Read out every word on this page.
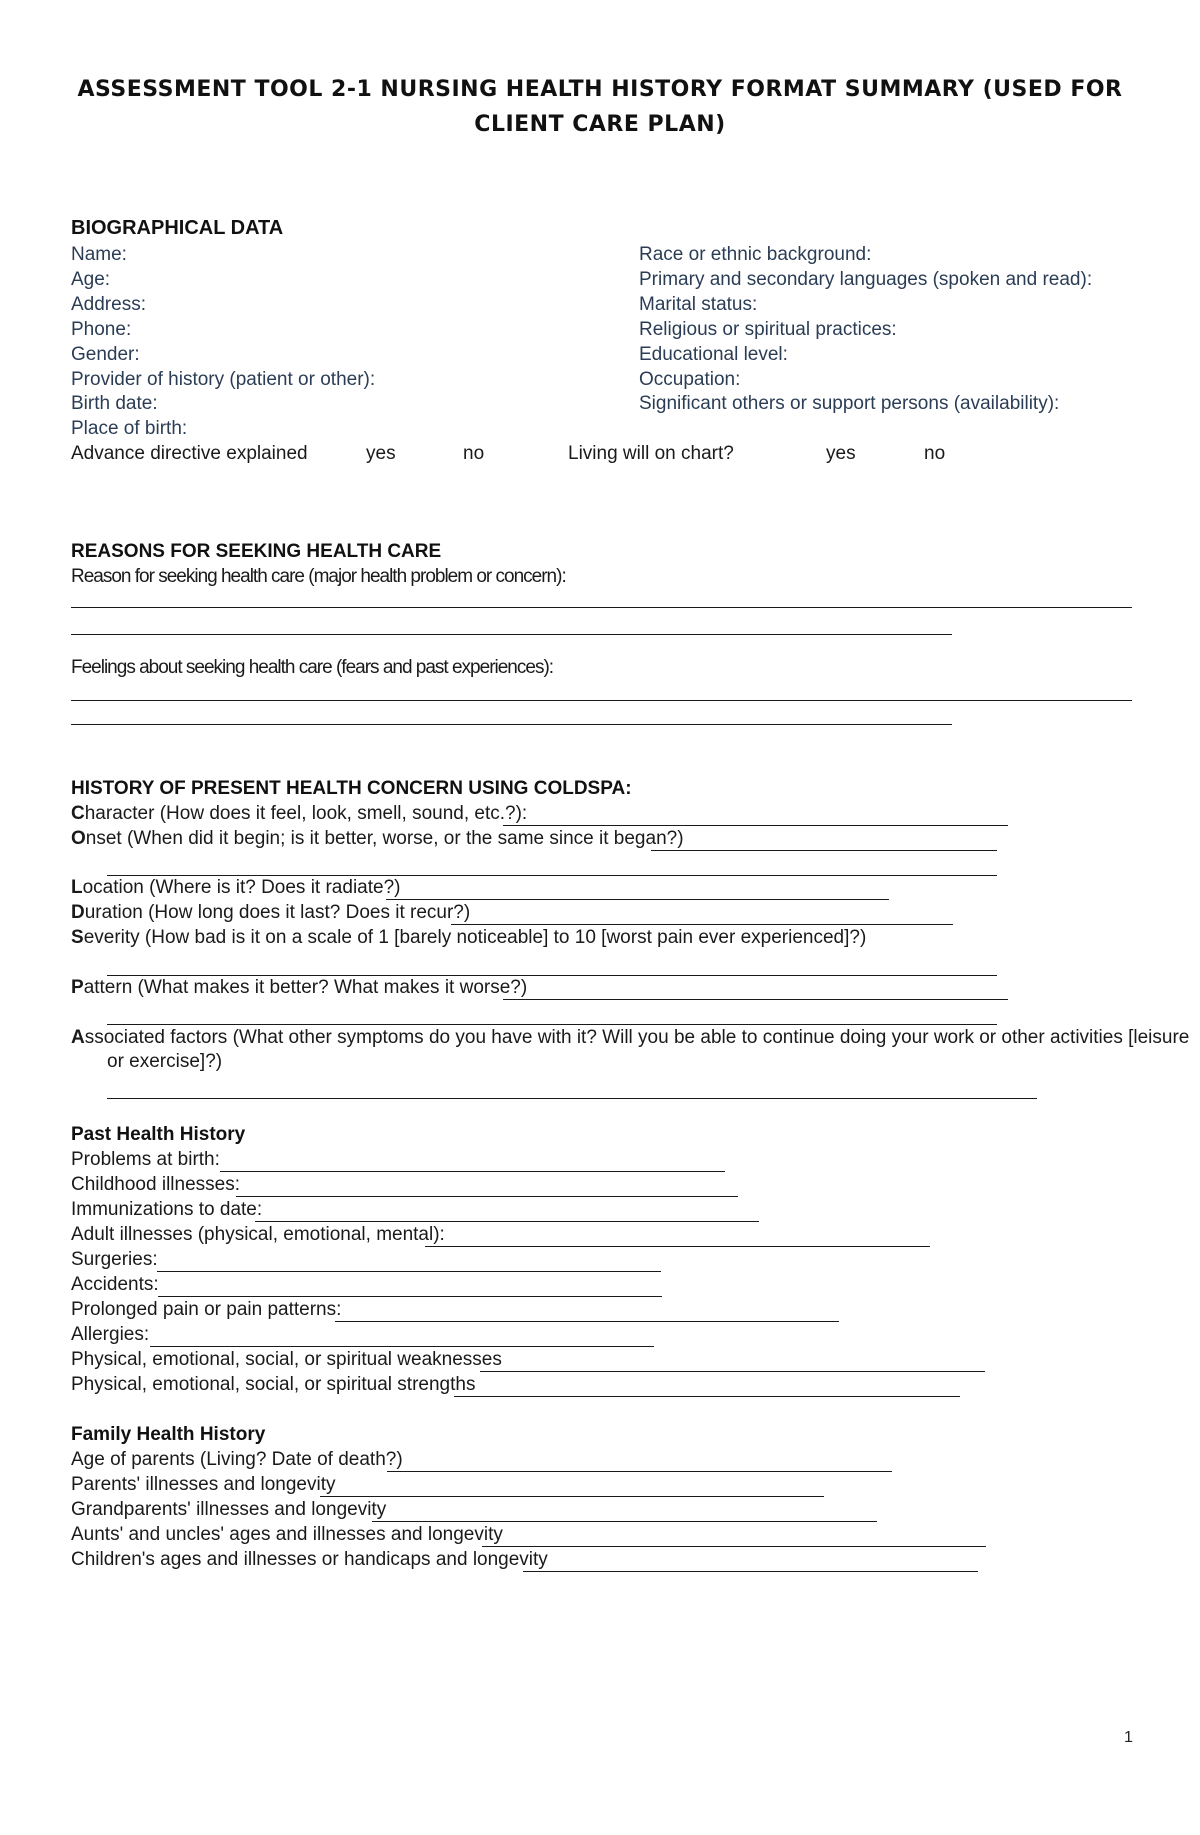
ASSESSMENT TOOL 2-1 NURSING HEALTH HISTORY FORMAT SUMMARY (USED FOR CLIENT CARE PLAN)
BIOGRAPHICAL DATA
Name:
Age:
Address:
Phone:
Gender:
Provider of history (patient or other):
Birth date:
Place of birth:
Race or ethnic background:
Primary and secondary languages (spoken and read):
Marital status:
Religious or spiritual practices:
Educational level:
Occupation:
Significant others or support persons (availability):
Advance directive explained	yes	no	Living will on chart?	yes	no
REASONS FOR SEEKING HEALTH CARE
Reason for seeking health care (major health problem or concern):
Feelings about seeking health care (fears and past experiences):
HISTORY OF PRESENT HEALTH CONCERN USING COLDSPA:
Character (How does it feel, look, smell, sound, etc.?):
Onset (When did it begin; is it better, worse, or the same since it began?)
Location (Where is it? Does it radiate?)
Duration (How long does it last? Does it recur?)
Severity (How bad is it on a scale of 1 [barely noticeable] to 10 [worst pain ever experienced]?)
Pattern (What makes it better? What makes it worse?)
Associated factors (What other symptoms do you have with it? Will you be able to continue doing your work or other activities [leisure
or exercise]?)
Past Health History
Problems at birth:
Childhood illnesses:
Immunizations to date:
Adult illnesses (physical, emotional, mental):
Surgeries:
Accidents:
Prolonged pain or pain patterns:
Allergies:
Physical, emotional, social, or spiritual weaknesses
Physical, emotional, social, or spiritual strengths
Family Health History
Age of parents (Living? Date of death?)
Parents' illnesses and longevity
Grandparents' illnesses and longevity
Aunts' and uncles' ages and illnesses and longevity
Children's ages and illnesses or handicaps and longevity
1
